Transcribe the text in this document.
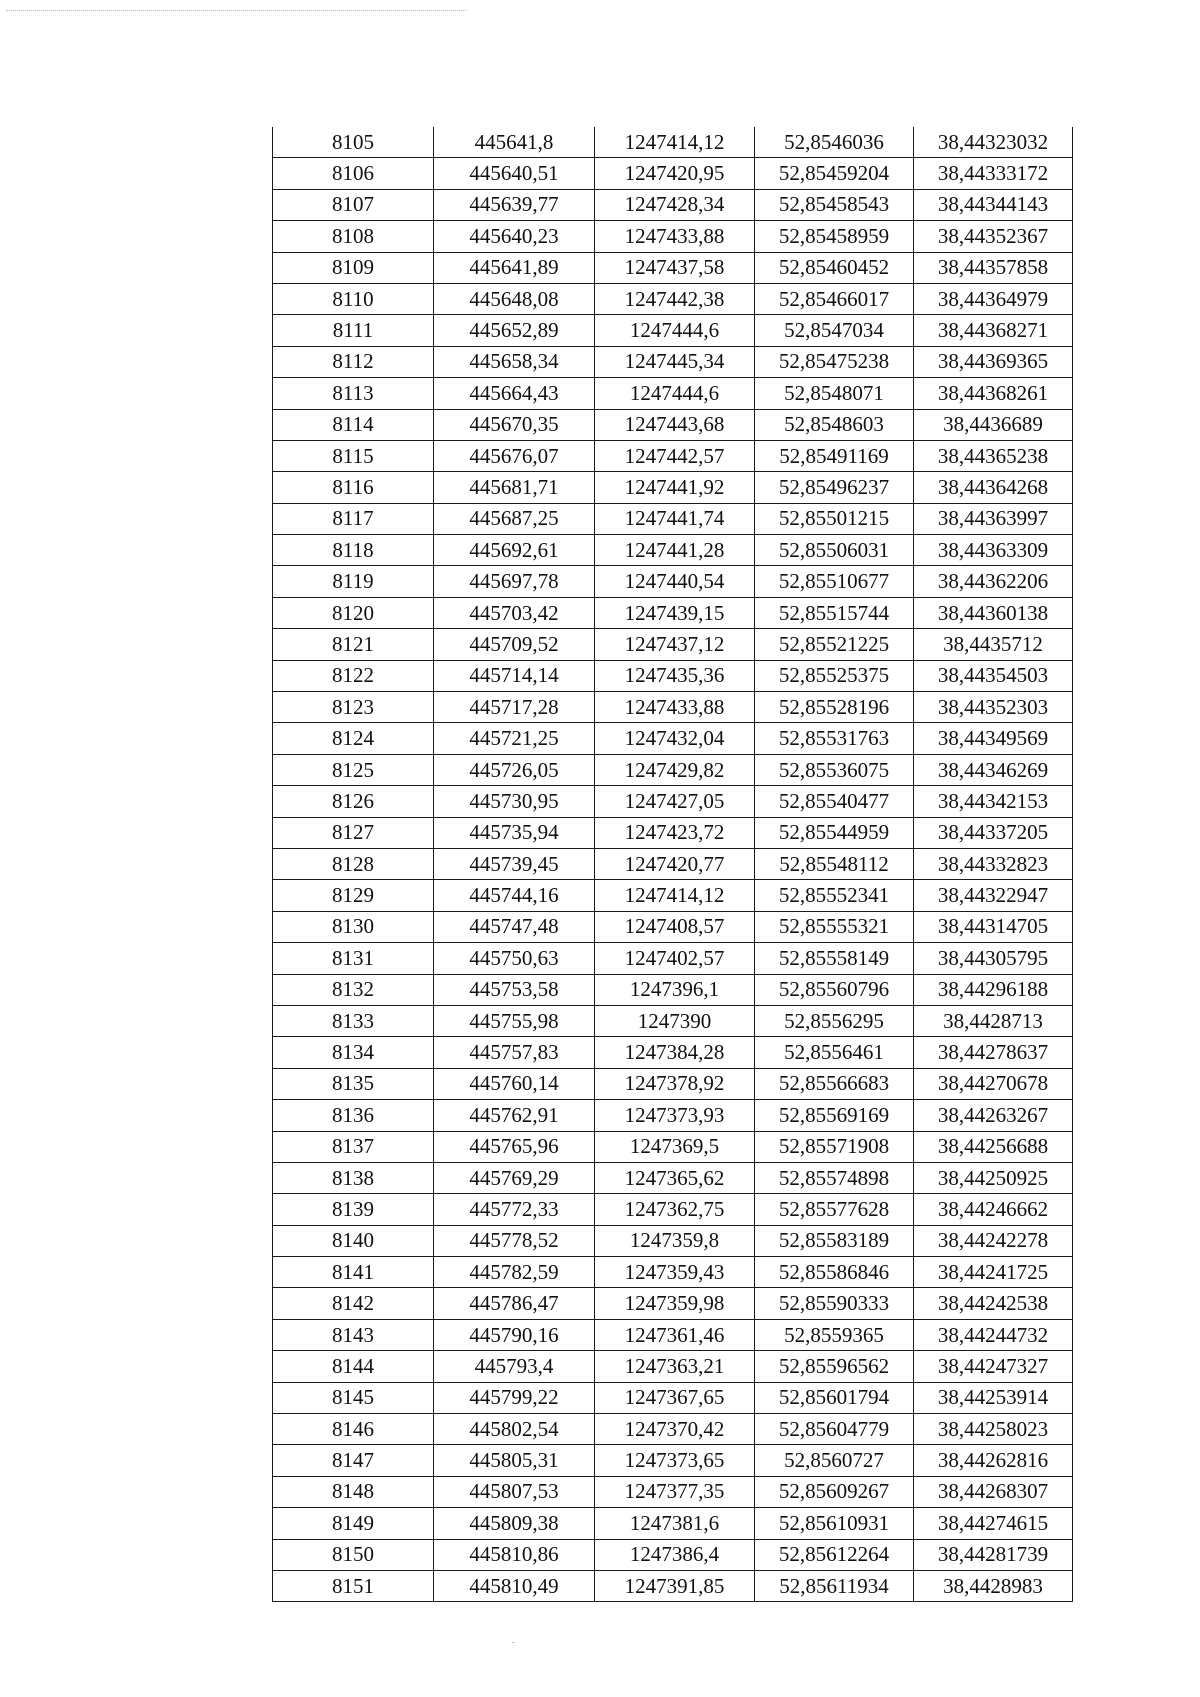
8105	445641,8	1247414,12	52,8546036	38,44323032
8106	445640,51	1247420,95	52,85459204	38,44333172
8107	445639,77	1247428,34	52,85458543	38,44344143
8108	445640,23	1247433,88	52,85458959	38,44352367
8109	445641,89	1247437,58	52,85460452	38,44357858
8110	445648,08	1247442,38	52,85466017	38,44364979
8111	445652,89	1247444,6	52,8547034	38,44368271
8112	445658,34	1247445,34	52,85475238	38,44369365
8113	445664,43	1247444,6	52,8548071	38,44368261
8114	445670,35	1247443,68	52,8548603	38,4436689
8115	445676,07	1247442,57	52,85491169	38,44365238
8116	445681,71	1247441,92	52,85496237	38,44364268
8117	445687,25	1247441,74	52,85501215	38,44363997
8118	445692,61	1247441,28	52,85506031	38,44363309
8119	445697,78	1247440,54	52,85510677	38,44362206
8120	445703,42	1247439,15	52,85515744	38,44360138
8121	445709,52	1247437,12	52,85521225	38,4435712
8122	445714,14	1247435,36	52,85525375	38,44354503
8123	445717,28	1247433,88	52,85528196	38,44352303
8124	445721,25	1247432,04	52,85531763	38,44349569
8125	445726,05	1247429,82	52,85536075	38,44346269
8126	445730,95	1247427,05	52,85540477	38,44342153
8127	445735,94	1247423,72	52,85544959	38,44337205
8128	445739,45	1247420,77	52,85548112	38,44332823
8129	445744,16	1247414,12	52,85552341	38,44322947
8130	445747,48	1247408,57	52,85555321	38,44314705
8131	445750,63	1247402,57	52,85558149	38,44305795
8132	445753,58	1247396,1	52,85560796	38,44296188
8133	445755,98	1247390	52,8556295	38,4428713
8134	445757,83	1247384,28	52,8556461	38,44278637
8135	445760,14	1247378,92	52,85566683	38,44270678
8136	445762,91	1247373,93	52,85569169	38,44263267
8137	445765,96	1247369,5	52,85571908	38,44256688
8138	445769,29	1247365,62	52,85574898	38,44250925
8139	445772,33	1247362,75	52,85577628	38,44246662
8140	445778,52	1247359,8	52,85583189	38,44242278
8141	445782,59	1247359,43	52,85586846	38,44241725
8142	445786,47	1247359,98	52,85590333	38,44242538
8143	445790,16	1247361,46	52,8559365	38,44244732
8144	445793,4	1247363,21	52,85596562	38,44247327
8145	445799,22	1247367,65	52,85601794	38,44253914
8146	445802,54	1247370,42	52,85604779	38,44258023
8147	445805,31	1247373,65	52,8560727	38,44262816
8148	445807,53	1247377,35	52,85609267	38,44268307
8149	445809,38	1247381,6	52,85610931	38,44274615
8150	445810,86	1247386,4	52,85612264	38,44281739
8151	445810,49	1247391,85	52,85611934	38,4428983
